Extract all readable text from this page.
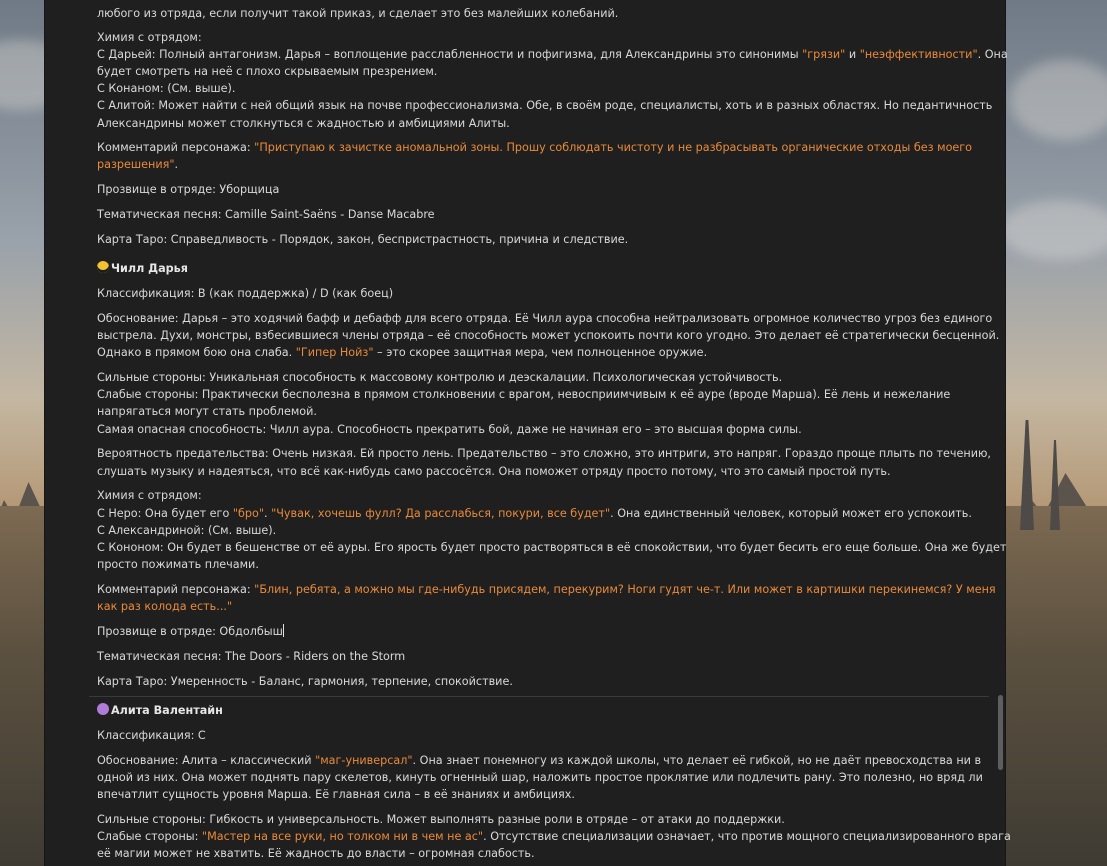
любого из отряда, если получит такой приказ, и сделает это без малейших колебаний.

Химия с отрядом:

С Дарьей: Полный антагонизм. Дарья – воплощение расслабленности и пофигизма, для Александрины это синонимы "грязи" и "неэффективности". Она

будет смотреть на неё с плохо скрываемым презрением.

С Конаном: (См. выше).

С Алитой: Может найти с ней общий язык на почве профессионализма. Обе, в своём роде, специалисты, хоть и в разных областях. Но педантичность

Александрины может столкнуться с жадностью и амбициями Алиты.

Комментарий персонажа: "Приступаю к зачистке аномальной зоны. Прошу соблюдать чистоту и не разбрасывать органические отходы без моего

разрешения".

Прозвище в отряде: Уборщица

Тематическая песня: Camille Saint-Saëns - Danse Macabre

Карта Таро: Справедливость - Порядок, закон, беспристрастность, причина и следствие.

Чилл Дарья

Классификация: B (как поддержка) / D (как боец)

Обоснование: Дарья – это ходячий бафф и дебафф для всего отряда. Её Чилл аура способна нейтрализовать огромное количество угроз без единого

выстрела. Духи, монстры, взбесившиеся члены отряда – её способность может успокоить почти кого угодно. Это делает её стратегически бесценной.

Однако в прямом бою она слаба. "Гипер Нойз" – это скорее защитная мера, чем полноценное оружие.

Сильные стороны: Уникальная способность к массовому контролю и деэскалации. Психологическая устойчивость.

Слабые стороны: Практически бесполезна в прямом столкновении с врагом, невосприимчивым к её ауре (вроде Марша). Её лень и нежелание

напрягаться могут стать проблемой.

Самая опасная способность: Чилл аура. Способность прекратить бой, даже не начиная его – это высшая форма силы.

Вероятность предательства: Очень низкая. Ей просто лень. Предательство – это сложно, это интриги, это напряг. Гораздо проще плыть по течению,

слушать музыку и надеяться, что всё как-нибудь само рассосётся. Она поможет отряду просто потому, что это самый простой путь.

Химия с отрядом:

С Неро: Она будет его "бро". "Чувак, хочешь фулл? Да расслабься, покури, все будет". Она единственный человек, который может его успокоить.

С Александриной: (См. выше).

С Кононом: Он будет в бешенстве от её ауры. Его ярость будет просто растворяться в её спокойствии, что будет бесить его еще больше. Она же будет

просто пожимать плечами.

Комментарий персонажа: "Блин, ребята, а можно мы где-нибудь присядем, перекурим? Ноги гудят че-т. Или может в картишки перекинемся? У меня

как раз колода есть..."

Прозвище в отряде: Обдолбыш

Тематическая песня: The Doors - Riders on the Storm

Карта Таро: Умеренность - Баланс, гармония, терпение, спокойствие.

Алита Валентайн

Классификация: C

Обоснование: Алита – классический "маг-универсал". Она знает понемногу из каждой школы, что делает её гибкой, но не даёт превосходства ни в

одной из них. Она может поднять пару скелетов, кинуть огненный шар, наложить простое проклятие или подлечить рану. Это полезно, но вряд ли

впечатлит сущность уровня Марша. Её главная сила – в её знаниях и амбициях.

Сильные стороны: Гибкость и универсальность. Может выполнять разные роли в отряде – от атаки до поддержки.

Слабые стороны: "Мастер на все руки, но толком ни в чем не ас". Отсутствие специализации означает, что против мощного специализированного врага

её магии может не хватить. Её жадность до власти – огромная слабость.
